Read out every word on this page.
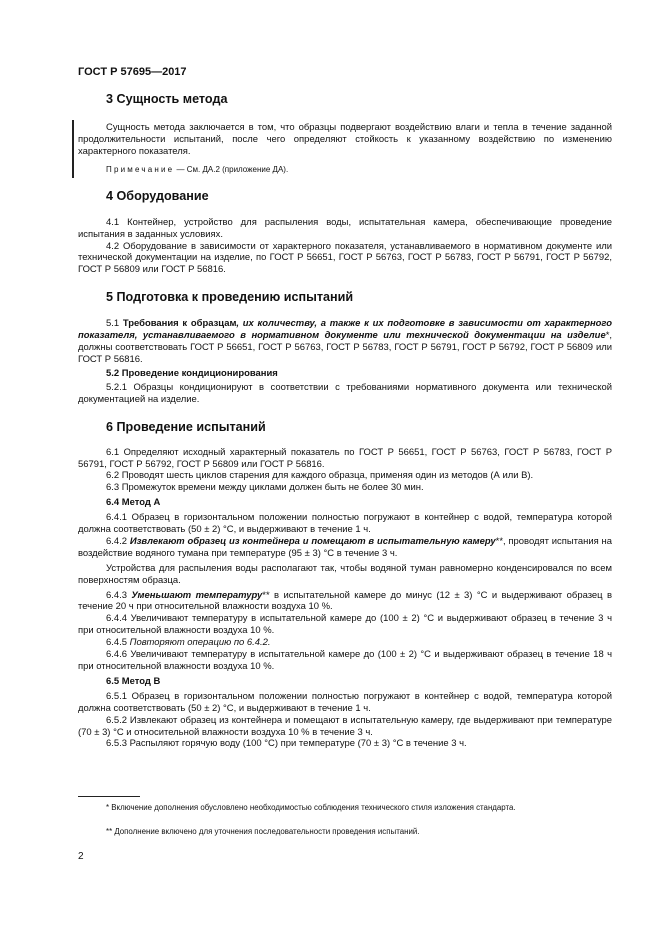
ГОСТ Р 57695—2017
3 Сущность метода

Сущность метода заключается в том, что образцы подвергают воздействию влаги и тепла в течение заданной продолжительности испытаний, после чего определяют стойкость к указанному воздействию по изменению характерного показателя.

Примечание — См. ДА.2 (приложение ДА).

4 Оборудование

4.1 Контейнер, устройство для распыления воды, испытательная камера, обеспечивающие проведение испытания в заданных условиях.

4.2 Оборудование в зависимости от характерного показателя, устанавливаемого в нормативном документе или технической документации на изделие, по ГОСТ Р 56651, ГОСТ Р 56763, ГОСТ Р 56783, ГОСТ Р 56791, ГОСТ Р 56792, ГОСТ Р 56809 или ГОСТ Р 56816.

5 Подготовка к проведению испытаний

5.1 Требования к образцам, их количеству, а также к их подготовке в зависимости от характерного показателя, устанавливаемого в нормативном документе или технической документации на изделие*, должны соответствовать ГОСТ Р 56651, ГОСТ Р 56763, ГОСТ Р 56783, ГОСТ Р 56791, ГОСТ Р 56792, ГОСТ Р 56809 или ГОСТ Р 56816.

5.2 Проведение кондиционирования

5.2.1 Образцы кондиционируют в соответствии с требованиями нормативного документа или технической документацией на изделие.

6 Проведение испытаний

6.1 Определяют исходный характерный показатель по ГОСТ Р 56651, ГОСТ Р 56763, ГОСТ Р 56783, ГОСТ Р 56791, ГОСТ Р 56792, ГОСТ Р 56809 или ГОСТ Р 56816.

6.2 Проводят шесть циклов старения для каждого образца, применяя один из методов (А или В).

6.3 Промежуток времени между циклами должен быть не более 30 мин.

6.4 Метод А

6.4.1 Образец в горизонтальном положении полностью погружают в контейнер с водой, температура которой должна соответствовать (50 ± 2) °С, и выдерживают в течение 1 ч.

6.4.2 Извлекают образец из контейнера и помещают в испытательную камеру**, проводят испытания на воздействие водяного тумана при температуре (95 ± 3) °С в течение 3 ч.

Устройства для распыления воды располагают так, чтобы водяной туман равномерно конденсировался по всем поверхностям образца.

6.4.3 Уменьшают температуру** в испытательной камере до минус (12 ± 3) °С и выдерживают образец в течение 20 ч при относительной влажности воздуха 10 %.

6.4.4 Увеличивают температуру в испытательной камере до (100 ± 2) °С и выдерживают образец в течение 3 ч при относительной влажности воздуха 10 %.

6.4.5 Повторяют операцию по 6.4.2.

6.4.6 Увеличивают температуру в испытательной камере до (100 ± 2) °С и выдерживают образец в течение 18 ч при относительной влажности воздуха 10 %.

6.5 Метод В

6.5.1 Образец в горизонтальном положении полностью погружают в контейнер с водой, температура которой должна соответствовать (50 ± 2) °С, и выдерживают в течение 1 ч.

6.5.2 Извлекают образец из контейнера и помещают в испытательную камеру, где выдерживают при температуре (70 ± 3) °С и относительной влажности воздуха 10 % в течение 3 ч.

6.5.3 Распыляют горячую воду (100 °С) при температуре (70 ± 3) °С в течение 3 ч.

* Включение дополнения обусловлено необходимостью соблюдения технического стиля изложения стандарта.
** Дополнение включено для уточнения последовательности проведения испытаний.
2
